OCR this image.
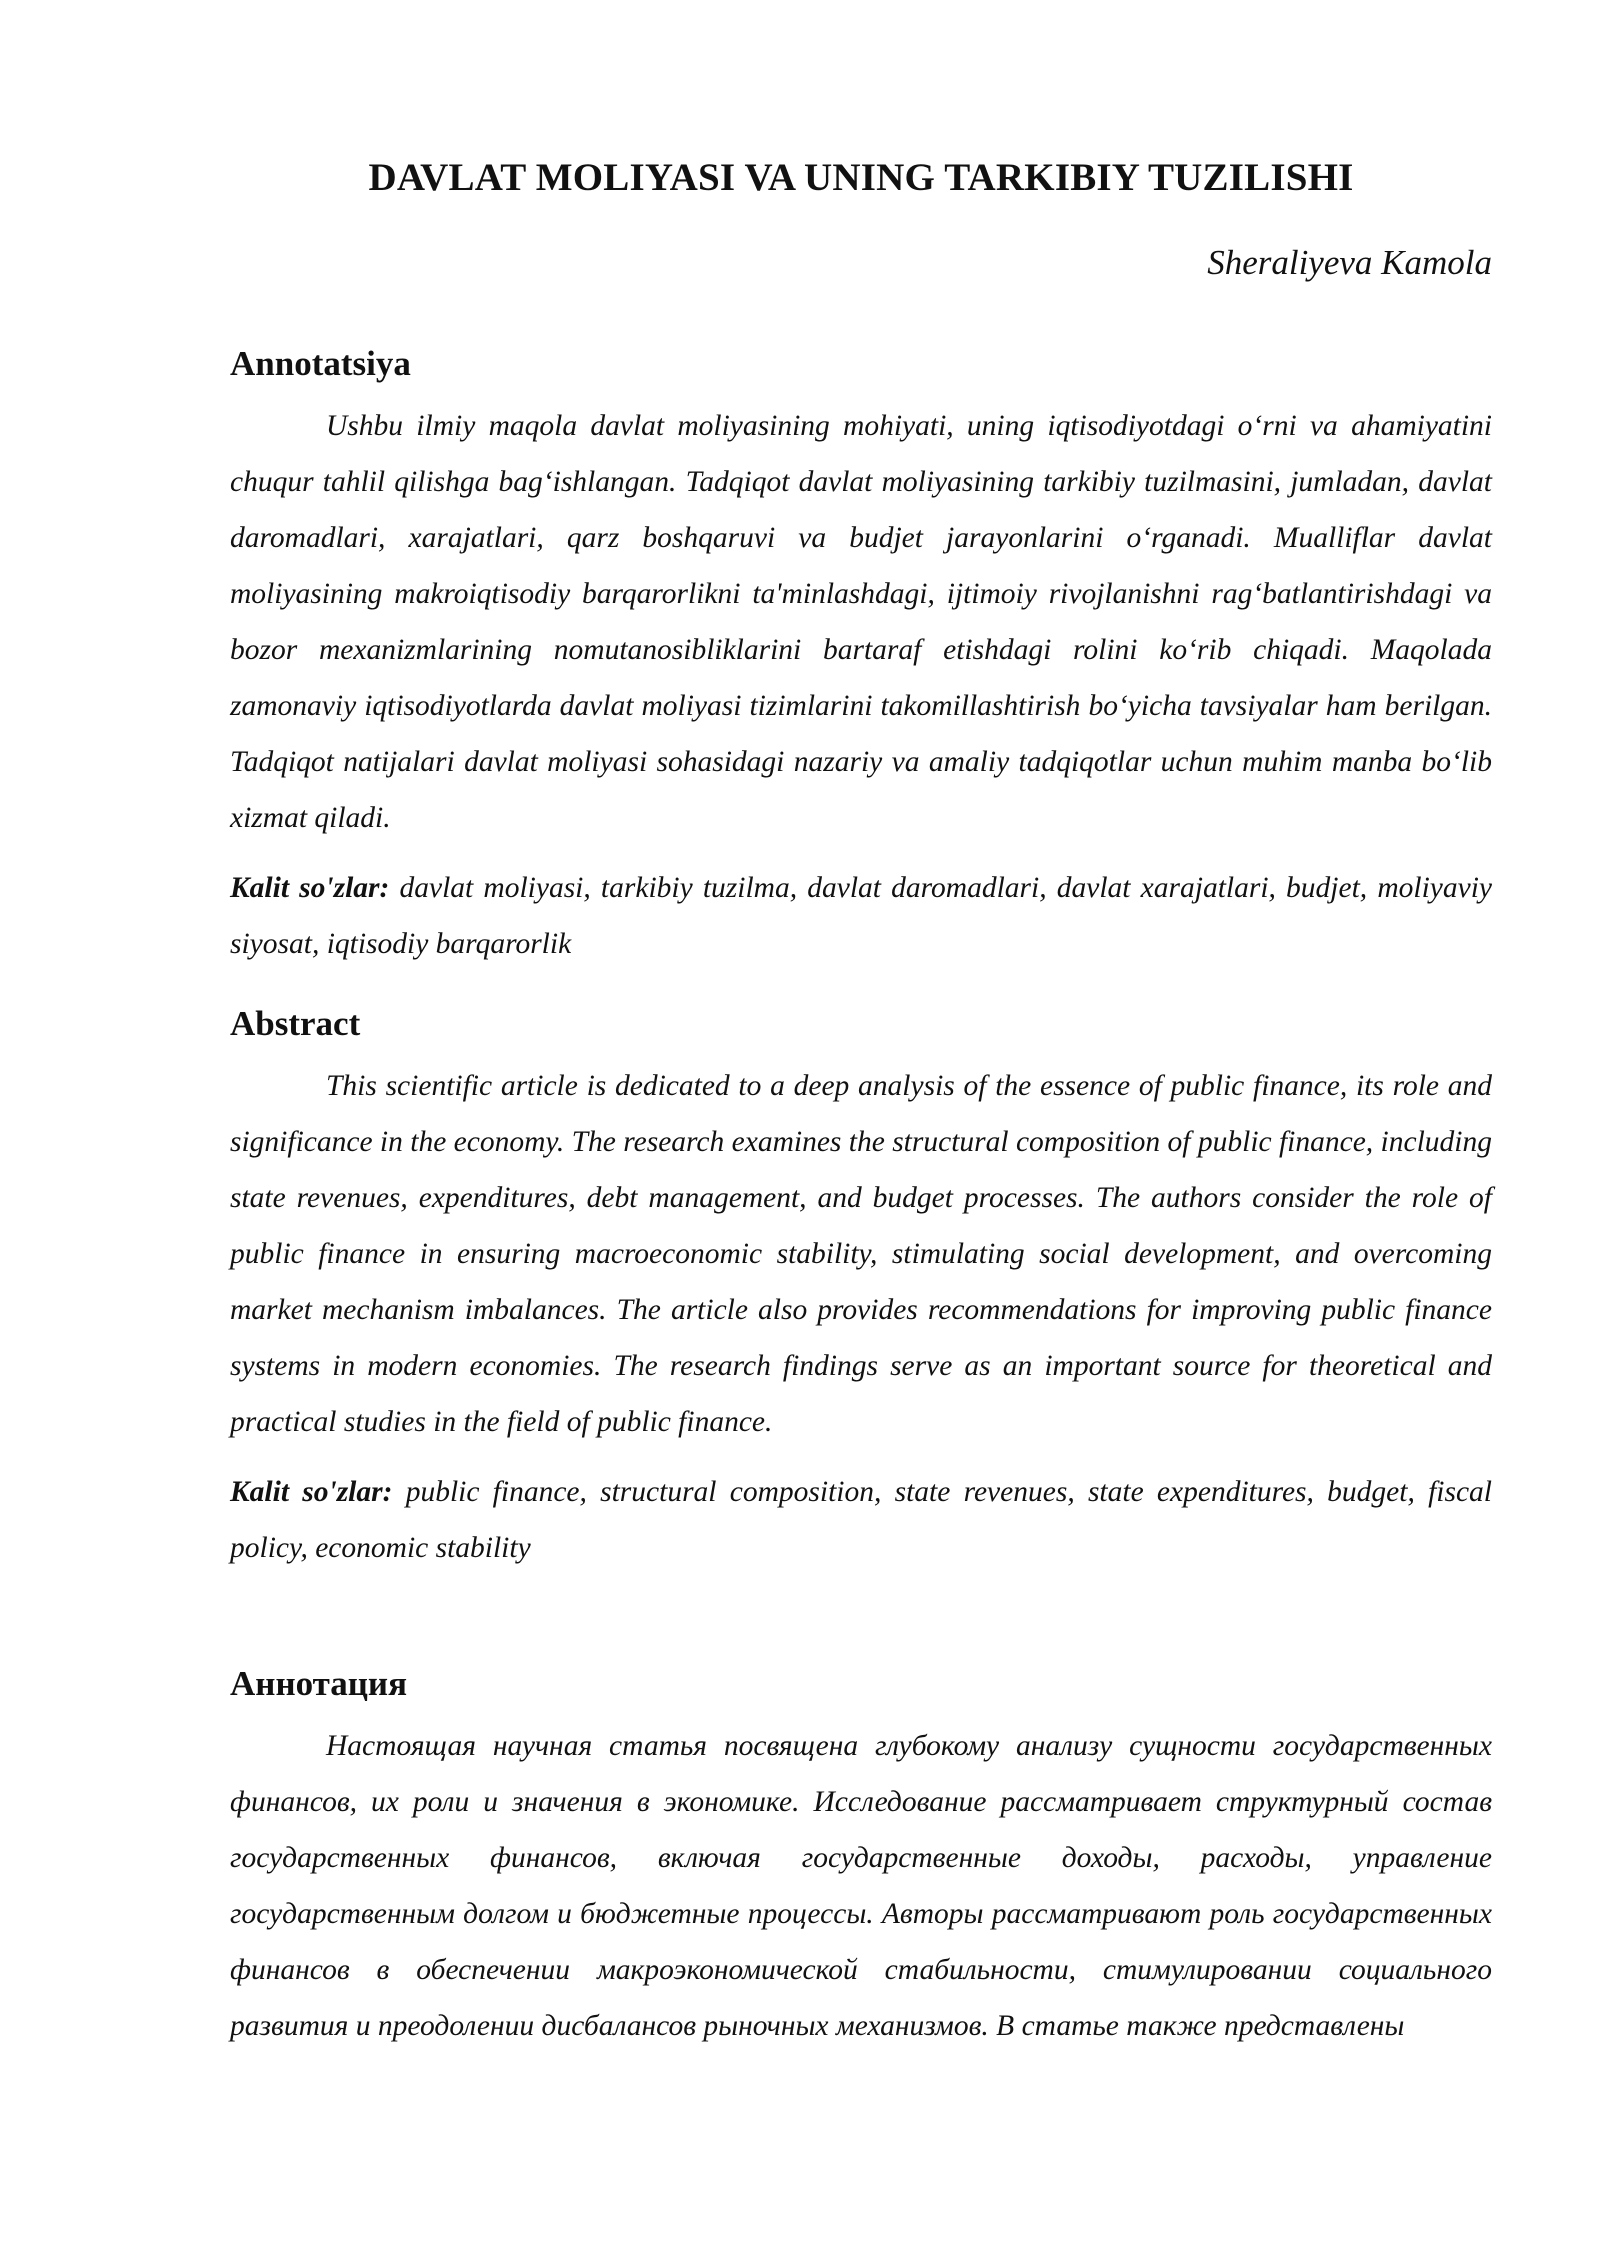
DAVLAT MOLIYASI VA UNING TARKIBIY TUZILISHI

Sheraliyeva Kamola

Annotatsiya

Ushbu ilmiy maqola davlat moliyasining mohiyati, uning iqtisodiyotdagi o‘rni va ahamiyatini chuqur tahlil qilishga bag‘ishlangan. Tadqiqot davlat moliyasining tarkibiy tuzilmasini, jumladan, davlat daromadlari, xarajatlari, qarz boshqaruvi va budjet jarayonlarini o‘rganadi. Mualliflar davlat moliyasining makroiqtisodiy barqarorlikni ta'minlashdagi, ijtimoiy rivojlanishni rag‘batlantirishdagi va bozor mexanizmlarining nomutanosibliklarini bartaraf etishdagi rolini ko‘rib chiqadi. Maqolada zamonaviy iqtisodiyotlarda davlat moliyasi tizimlarini takomillashtirish bo‘yicha tavsiyalar ham berilgan. Tadqiqot natijalari davlat moliyasi sohasidagi nazariy va amaliy tadqiqotlar uchun muhim manba bo‘lib xizmat qiladi.

Kalit so'zlar: davlat moliyasi, tarkibiy tuzilma, davlat daromadlari, davlat xarajatlari, budjet, moliyaviy siyosat, iqtisodiy barqarorlik

Abstract

This scientific article is dedicated to a deep analysis of the essence of public finance, its role and significance in the economy. The research examines the structural composition of public finance, including state revenues, expenditures, debt management, and budget processes. The authors consider the role of public finance in ensuring macroeconomic stability, stimulating social development, and overcoming market mechanism imbalances. The article also provides recommendations for improving public finance systems in modern economies. The research findings serve as an important source for theoretical and practical studies in the field of public finance.

Kalit so'zlar: public finance, structural composition, state revenues, state expenditures, budget, fiscal policy, economic stability

Аннотация

Настоящая научная статья посвящена глубокому анализу сущности государственных финансов, их роли и значения в экономике. Исследование рассматривает структурный состав государственных финансов, включая государственные доходы, расходы, управление государственным долгом и бюджетные процессы. Авторы рассматривают роль государственных финансов в обеспечении макроэкономической стабильности, стимулировании социального развития и преодолении дисбалансов рыночных механизмов. В статье также представлены
